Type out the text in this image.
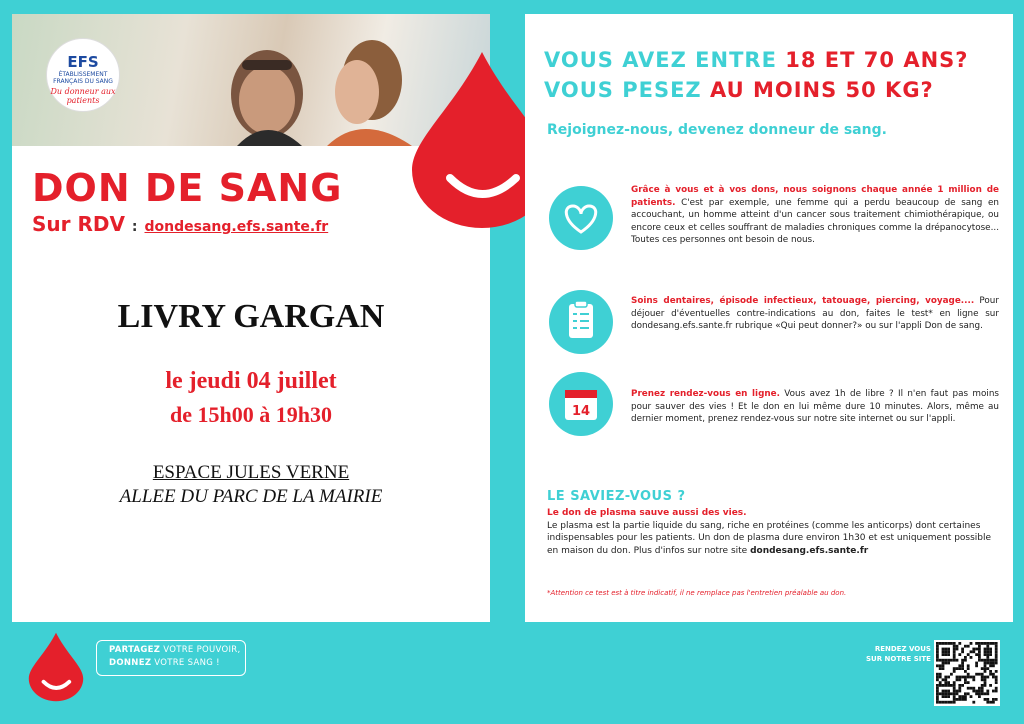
EFS
ÉTABLISSEMENT FRANÇAIS DU SANG
Du donneur aux patients
DON DE SANG
Sur RDV : dondesang.efs.sante.fr
LIVRY GARGAN
le jeudi 04 juillet
de 15h00 à 19h30
ESPACE JULES VERNE
ALLEE DU PARC DE LA MAIRIE
VOUS AVEZ ENTRE 18 ET 70 ANS?
VOUS PESEZ AU MOINS 50 KG?
Rejoignez-nous, devenez donneur de sang.
Grâce à vous et à vos dons, nous soignons chaque année 1 million de patients. C'est par exemple, une femme qui a perdu beaucoup de sang en accouchant, un homme atteint d'un cancer sous traitement chimiothérapique, ou encore ceux et celles souffrant de maladies chroniques comme la drépanocytose... Toutes ces personnes ont besoin de nous.
Soins dentaires, épisode infectieux, tatouage, piercing, voyage.... Pour déjouer d'éventuelles contre-indications au don, faites le test* en ligne sur dondesang.efs.sante.fr rubrique «Qui peut donner?» ou sur l'appli Don de sang.
14
Prenez rendez-vous en ligne. Vous avez 1h de libre ? Il n'en faut pas moins pour sauver des vies ! Et le don en lui même dure 10 minutes. Alors, même au dernier moment, prenez rendez-vous sur notre site internet ou sur l'appli.
LE SAVIEZ-VOUS ?
Le don de plasma sauve aussi des vies.
Le plasma est la partie liquide du sang, riche en protéines (comme les anticorps) dont certaines indispensables pour les patients. Un don de plasma dure environ 1h30 et est uniquement possible en maison du don. Plus d'infos sur notre site dondesang.efs.sante.fr
*Attention ce test est à titre indicatif, il ne remplace pas l'entretien préalable au don.
PARTAGEZ VOTRE POUVOIR,
DONNEZ VOTRE SANG !
RENDEZ VOUS
SUR NOTRE SITE
